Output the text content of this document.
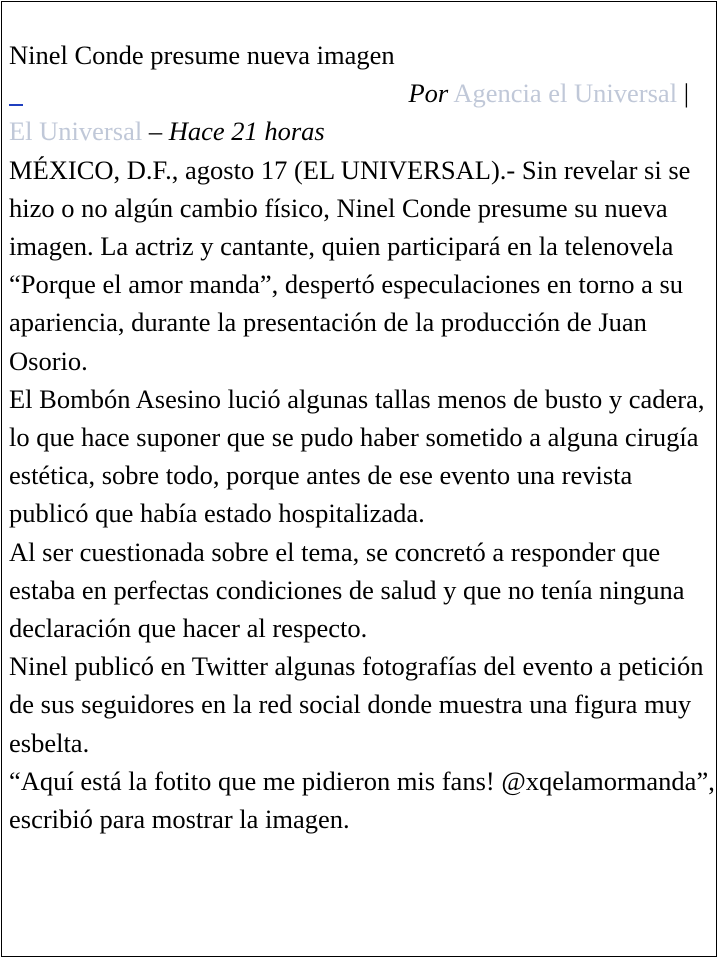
Ninel Conde presume nueva imagen
Por Agencia el Universal |
El Universal – Hace 21 horas

MÉXICO, D.F., agosto 17 (EL UNIVERSAL).- Sin revelar si se hizo o no algún cambio físico, Ninel Conde presume su nueva imagen. La actriz y cantante, quien participará en la telenovela “Porque el amor manda”, despertó especulaciones en torno a su apariencia, durante la presentación de la producción de Juan Osorio.

El Bombón Asesino lució algunas tallas menos de busto y cadera, lo que hace suponer que se pudo haber sometido a alguna cirugía estética, sobre todo, porque antes de ese evento una revista publicó que había estado hospitalizada.

Al ser cuestionada sobre el tema, se concretó a responder que estaba en perfectas condiciones de salud y que no tenía ninguna declaración que hacer al respecto.

Ninel publicó en Twitter algunas fotografías del evento a petición de sus seguidores en la red social donde muestra una figura muy esbelta.

“Aquí está la fotito que me pidieron mis fans! @xqelamormanda”, escribió para mostrar la imagen.
